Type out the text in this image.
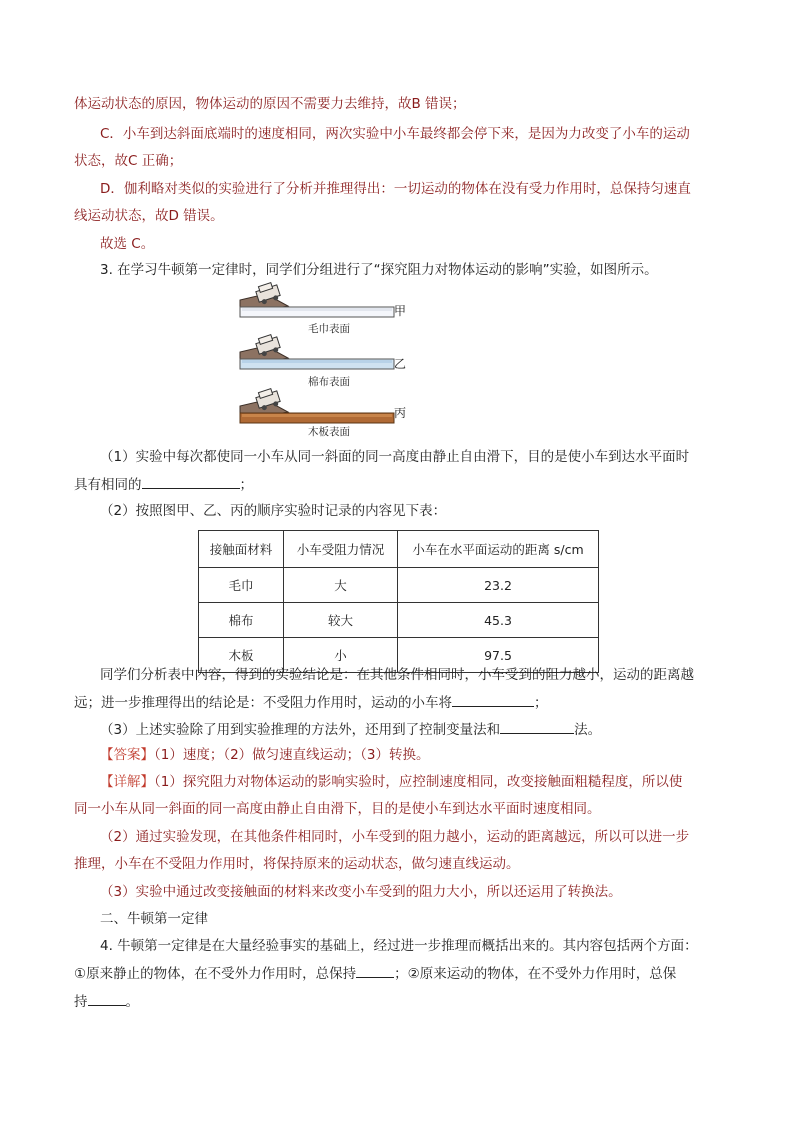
体运动状态的原因，物体运动的原因不需要力去维持，故B 错误；
C．小车到达斜面底端时的速度相同，两次实验中小车最终都会停下来，是因为力改变了小车的运动
状态，故C 正确；
D．伽利略对类似的实验进行了分析并推理得出：一切运动的物体在没有受力作用时，总保持匀速直
线运动状态，故D 错误。
故选 C。
3. 在学习牛顿第一定律时，同学们分组进行了“探究阻力对物体运动的影响”实验，如图所示。
甲
毛巾表面
乙
棉布表面
丙
木板表面
（1）实验中每次都使同一小车从同一斜面的同一高度由静止自由滑下，目的是使小车到达水平面时
具有相同的	；
（2）按照图甲、乙、丙的顺序实验时记录的内容见下表：
接触面材料	小车受阻力情况	小车在水平面运动的距离 s/cm
毛巾	大	23.2
棉布	较大	45.3
木板	小	97.5
同学们分析表中内容，得到的实验结论是：在其他条件相同时，小车受到的阻力越小，运动的距离越
远；进一步推理得出的结论是：不受阻力作用时，运动的小车将	；
（3）上述实验除了用到实验推理的方法外，还用到了控制变量法和	法。
【答案】（1）速度；（2）做匀速直线运动；（3）转换。
【详解】（1）探究阻力对物体运动的影响实验时，应控制速度相同，改变接触面粗糙程度，所以使
同一小车从同一斜面的同一高度由静止自由滑下，目的是使小车到达水平面时速度相同。
（2）通过实验发现，在其他条件相同时，小车受到的阻力越小，运动的距离越远，所以可以进一步
推理，小车在不受阻力作用时，将保持原来的运动状态，做匀速直线运动。
（3）实验中通过改变接触面的材料来改变小车受到的阻力大小，所以还运用了转换法。
二、牛顿第一定律
4. 牛顿第一定律是在大量经验事实的基础上，经过进一步推理而概括出来的。其内容包括两个方面：
①原来静止的物体，在不受外力作用时，总保持	；②原来运动的物体，在不受外力作用时，总保
持	。
